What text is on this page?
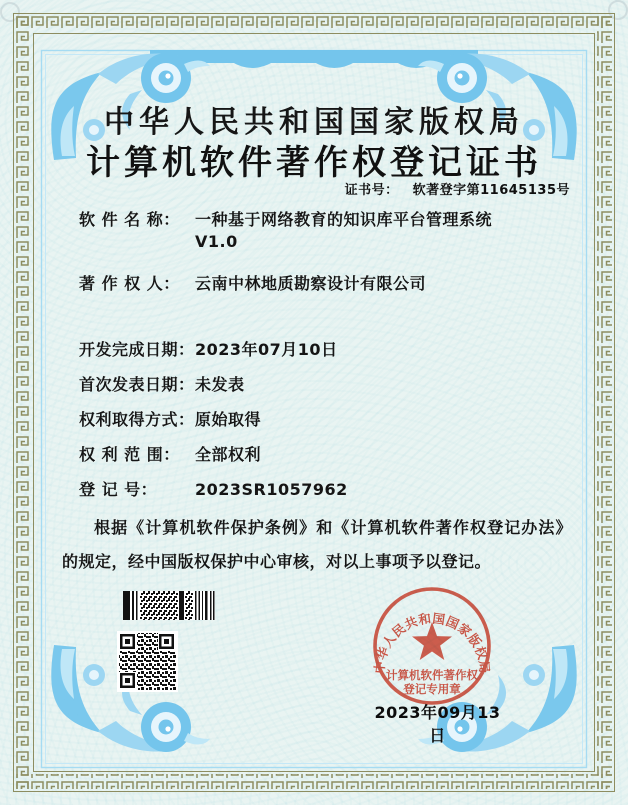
中华人民共和国国家版权局
计算机软件著作权登记证书
证书号： 软著登字第11645135号
软 件 名 称： 一种基于网络教育的知识库平台管理系统
V1.0
著 作 权 人： 云南中林地质勘察设计有限公司
开发完成日期： 2023年07月10日
首次发表日期： 未发表
权利取得方式： 原始取得
权 利 范 围： 全部权利
登 记 号： 2023SR1057962
根据《计算机软件保护条例》和《计算机软件著作权登记办法》的规定，经中国版权保护中心审核，对以上事项予以登记。
中华人民共和国国家版权局
计算机软件著作权
登记专用章
2023年09月13日
